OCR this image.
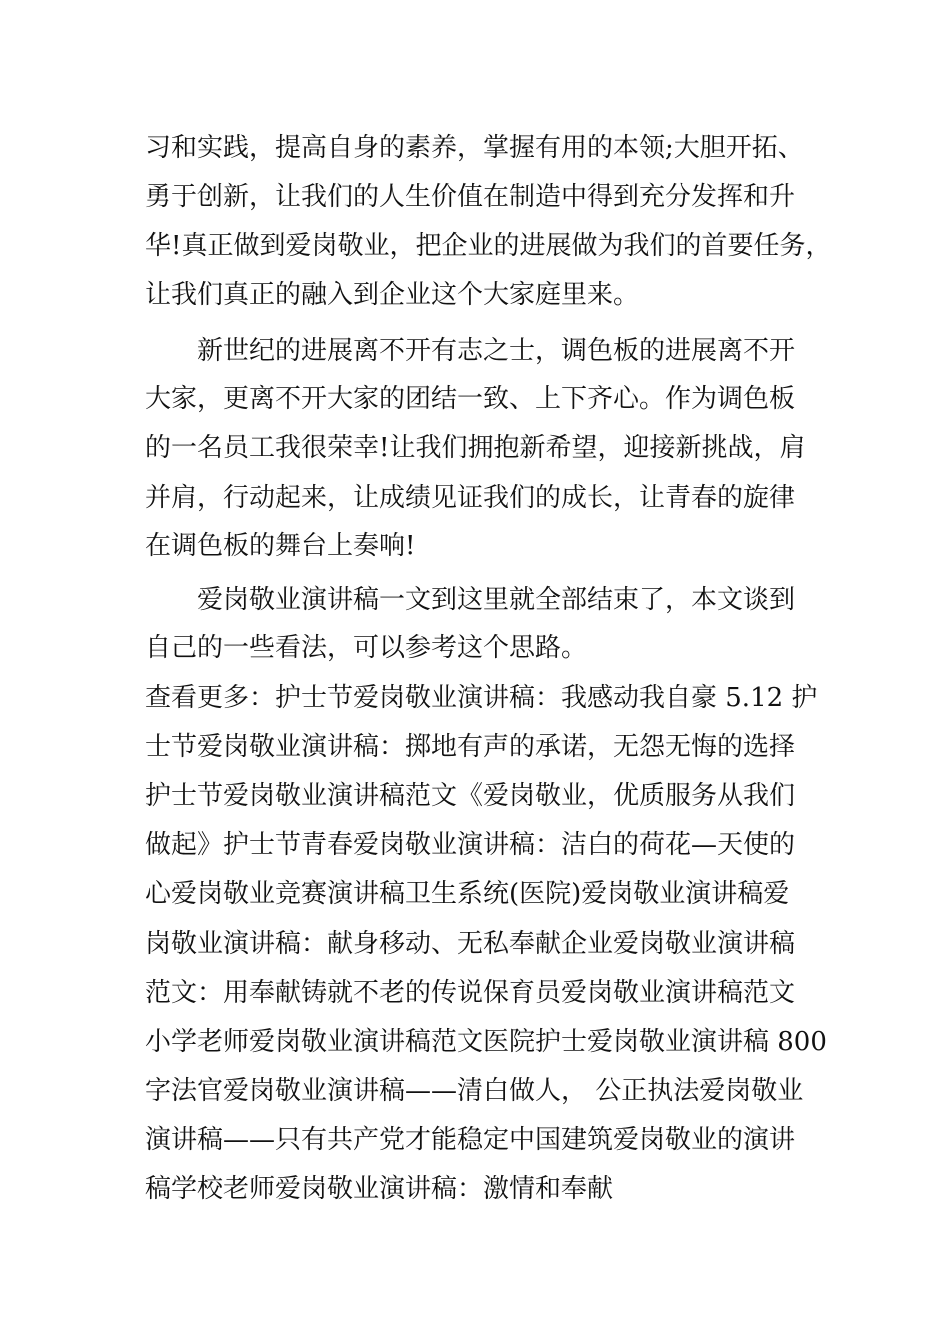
习和实践，提高自身的素养，掌握有用的本领;大胆开拓、
勇于创新，让我们的人生价值在制造中得到充分发挥和升
华!真正做到爱岗敬业，把企业的进展做为我们的首要任务，
让我们真正的融入到企业这个大家庭里来。
新世纪的进展离不开有志之士，调色板的进展离不开
大家，更离不开大家的团结一致、上下齐心。作为调色板
的一名员工我很荣幸!让我们拥抱新希望，迎接新挑战，肩
并肩，行动起来，让成绩见证我们的成长，让青春的旋律
在调色板的舞台上奏响!
爱岗敬业演讲稿一文到这里就全部结束了，本文谈到
自己的一些看法，可以参考这个思路。
查看更多：护士节爱岗敬业演讲稿：我感动我自豪 5.12 护
士节爱岗敬业演讲稿：掷地有声的承诺，无怨无悔的选择
护士节爱岗敬业演讲稿范文《爱岗敬业，优质服务从我们
做起》护士节青春爱岗敬业演讲稿：洁白的荷花—天使的
心爱岗敬业竞赛演讲稿卫生系统(医院)爱岗敬业演讲稿爱
岗敬业演讲稿：献身移动、无私奉献企业爱岗敬业演讲稿
范文：用奉献铸就不老的传说保育员爱岗敬业演讲稿范文
小学老师爱岗敬业演讲稿范文医院护士爱岗敬业演讲稿 800
字法官爱岗敬业演讲稿——清白做人， 公正执法爱岗敬业
演讲稿——只有共产党才能稳定中国建筑爱岗敬业的演讲
稿学校老师爱岗敬业演讲稿：激情和奉献
